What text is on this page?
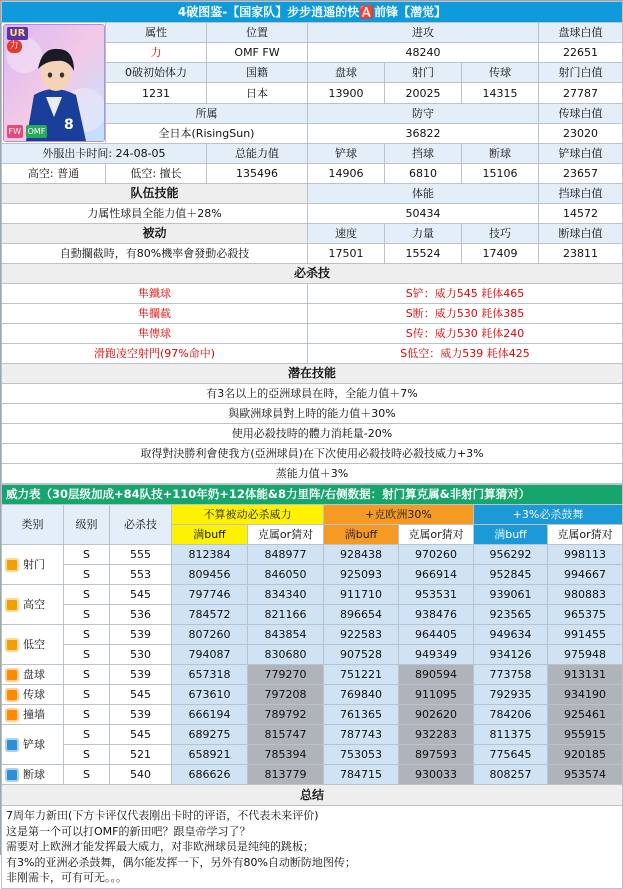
4破图鉴-【国家队】步步逍遥的快🅰️前锋【潜觉】						

8
UR
力
FW OMF	属性	位置	进攻			盘球白值
	力	OMF FW	48240			22651
	0破初始体力	国籍	盘球	射门	传球	射门白值
	1231	日本	13900	20025	14315	27787
	所属		防守			传球白值
	全日本(RisingSun)		36822			23020
外服出卡时间: 24-08-05		总能力值	铲球	挡球	断球	铲球白值
高空: 普通	低空: 擅长	135496	14906	6810	15106	23657
队伍技能			体能			挡球白值
力属性球員全能力值＋28%			50434			14572
被动			速度	力量	技巧	断球白值
自動攔截時，有80%機率會發動必殺技			17501	15524	17409	23811
必杀技						
隼鐵球			S铲：威力545 耗体465			
隼攔截			S断：威力530 耗体385			
隼傳球			S传：威力530 耗体240			
滑跑凌空射門(97%命中)			S低空：威力539 耗体425			
潜在技能						
有3名以上的亞洲球員在時，全能力值＋7%						
與歐洲球員對上時的能力值＋30%						
使用必殺技時的體力消耗量-20%						
取得對決勝利會使我方(亞洲球員)在下次使用必殺技時必殺技威力+3%						
蒸能力值＋3%						
威力表（30层级加成+84队技+110年奶+12体能&8力里阵/右侧数据：射门算克属&非射门算猜对）								
类别	级别	必杀技	不算被动必杀威力		+克欧洲30%		+3%必杀鼓舞	
			满buff	克属or猜对	满buff	克属or猜对	满buff	克属or猜对
射门	S	555	812384	848977	928438	970260	956292	998113
	S	553	809456	846050	925093	966914	952845	994667
高空	S	545	797746	834340	911710	953531	939061	980883
	S	536	784572	821166	896654	938476	923565	965375
低空	S	539	807260	843854	922583	964405	949634	991455
	S	530	794087	830680	907528	949349	934126	975948
盘球	S	539	657318	779270	751221	890594	773758	913131
传球	S	545	673610	797208	769840	911095	792935	934190
撞墙	S	539	666194	789792	761365	902620	784206	925461
铲球	S	545	689275	815747	787743	932283	811375	955915
	S	521	658921	785394	753053	897593	775645	920185
断球	S	540	686626	813779	784715	930033	808257	953574
总结								

7周年力新田(下方卡评仅代表刚出卡时的评语，不代表未来评价)
这是第一个可以打OMF的新田吧？跟皇帝学习了？
需要对上欧洲才能发挥最大威力，对非欧洲球员是纯纯的跳板；
有3%的亚洲必杀鼓舞，偶尔能发挥一下，另外有80%自动断防地图传；
非刚需卡，可有可无。。。								
